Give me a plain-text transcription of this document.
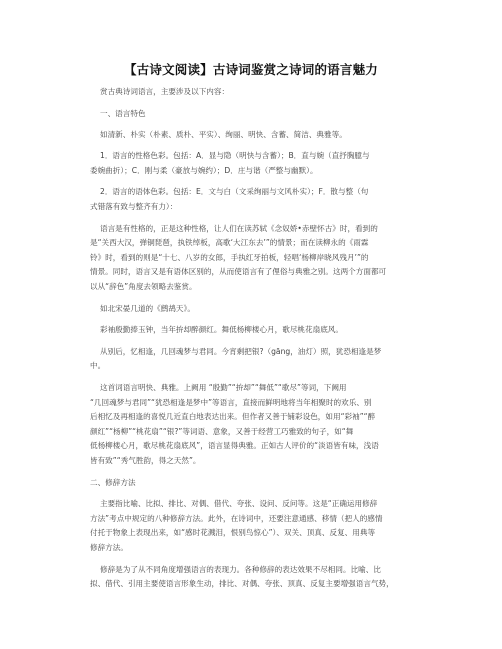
【古诗文阅读】古诗词鉴赏之诗词的语言魅力
赏古典诗词语言，主要涉及以下内容：
一、语言特色
如清新、朴实（朴素、质朴、平实）、绚丽、明快、含蓄、简洁、典雅等。
1．语言的性格色彩。包括：A．显与隐（明快与含蓄）；B．直与婉（直抒胸臆与
委婉曲折）；C．刚与柔（豪放与婉约）；D．庄与谐（严整与幽默）。
2．语言的语体色彩。包括：E．文与白（文采绚丽与文风朴实）；F．散与整（句
式错落有致与整齐有力）：
语言是有性格的，正是这种性格，让人们在读苏轼《念奴娇•赤壁怀古》时，看到的
是“关西大汉，弹铜琵琶，执铁绰板，高歌‘大江东去’”的情景；而在读柳永的《雨霖
铃》时，看到的则是“十七、八岁的女郎，手执红牙拍板，轻唱‘杨柳岸晓风残月’”的
情景。同时，语言又是有语体区别的，从而使语言有了俚俗与典雅之别。这两个方面都可
以从“辞色”角度去领略去鉴赏。
如北宋晏几道的《鹧鸪天》。
彩袖殷勤捧玉钟，当年拚却醉颜红。舞低杨柳楼心月，歌尽桃花扇底风。
从别后，忆相逢，几回魂梦与君同。今宵剩把银?（gāng，油灯）照，犹恐相逢是梦
中。
这首词语言明快、典雅。上阙用 “殷勤”“拚却”“舞低”“歌尽”等词，下阙用
“几回魂梦与君同”“犹恐相逢是梦中”等语言，直接而鲜明地将当年相聚时的欢乐、别
后相忆及再相逢的喜悦几近直白地表达出来。但作者又善于铺彩设色，如用“彩袖”“醉
颜红”“杨柳”“桃花扇”“银?”等词语、意象，又善于经营工巧雅致的句子，如“舞
低杨柳楼心月，歌尽桃花扇底风”，语言显得典雅。正如古人评价的“淡语皆有味，浅语
皆有致”“秀气胜韵，得之天然”。
二、修辞方法
主要指比喻、比拟、排比、对偶、借代、夸张、设问、反问等。这是“正确运用修辞
方法”考点中规定的八种修辞方法。此外，在诗词中，还要注意通感、移情（把人的感情
付托于物象上表现出来，如“感时花溅泪，恨别鸟惊心”）、双关、顶真、反复、用典等
修辞方法。
修辞是为了从不同角度增强语言的表现力。各种修辞的表达效果不尽相同。比喻、比
拟、借代、引用主要使语言形象生动，排比、对偶、夸张、顶真、反复主要增强语言气势，
